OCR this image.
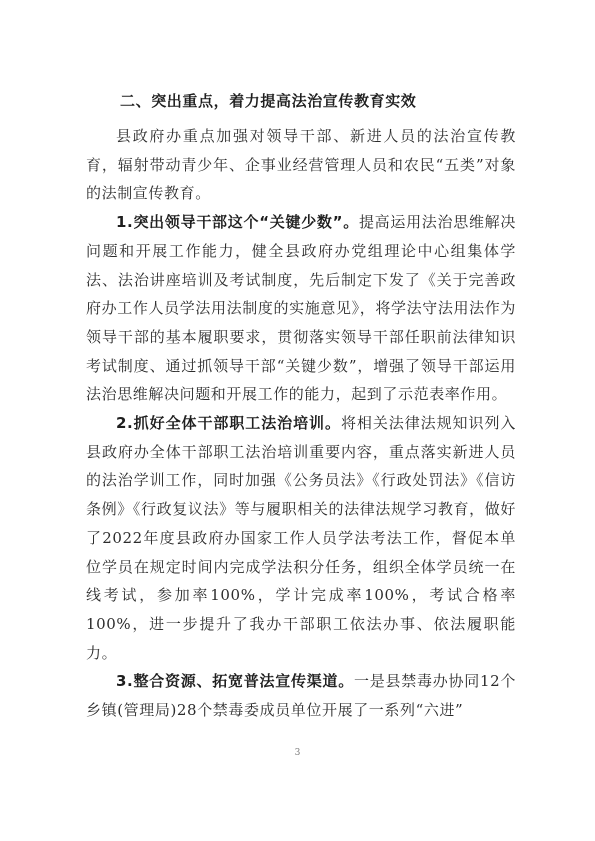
二、突出重点，着力提高法治宣传教育实效

县政府办重点加强对领导干部、新进人员的法治宣传教育，辐射带动青少年、企事业经营管理人员和农民“五类”对象的法制宣传教育。

1.突出领导干部这个“关键少数”。提高运用法治思维解决问题和开展工作能力，健全县政府办党组理论中心组集体学法、法治讲座培训及考试制度，先后制定下发了《关于完善政府办工作人员学法用法制度的实施意见》，将学法守法用法作为领导干部的基本履职要求，贯彻落实领导干部任职前法律知识考试制度、通过抓领导干部“关键少数”，增强了领导干部运用法治思维解决问题和开展工作的能力，起到了示范表率作用。

2.抓好全体干部职工法治培训。将相关法律法规知识列入县政府办全体干部职工法治培训重要内容，重点落实新进人员的法治学训工作，同时加强《公务员法》《行政处罚法》《信访条例》《行政复议法》等与履职相关的法律法规学习教育，做好了2022年度县政府办国家工作人员学法考法工作，督促本单位学员在规定时间内完成学法积分任务，组织全体学员统一在线考试，参加率100%，学计完成率100%，考试合格率100%，进一步提升了我办干部职工依法办事、依法履职能力。

3.整合资源、拓宽普法宣传渠道。一是县禁毒办协同12个乡镇(管理局)28个禁毒委成员单位开展了一系列“六进”

3
